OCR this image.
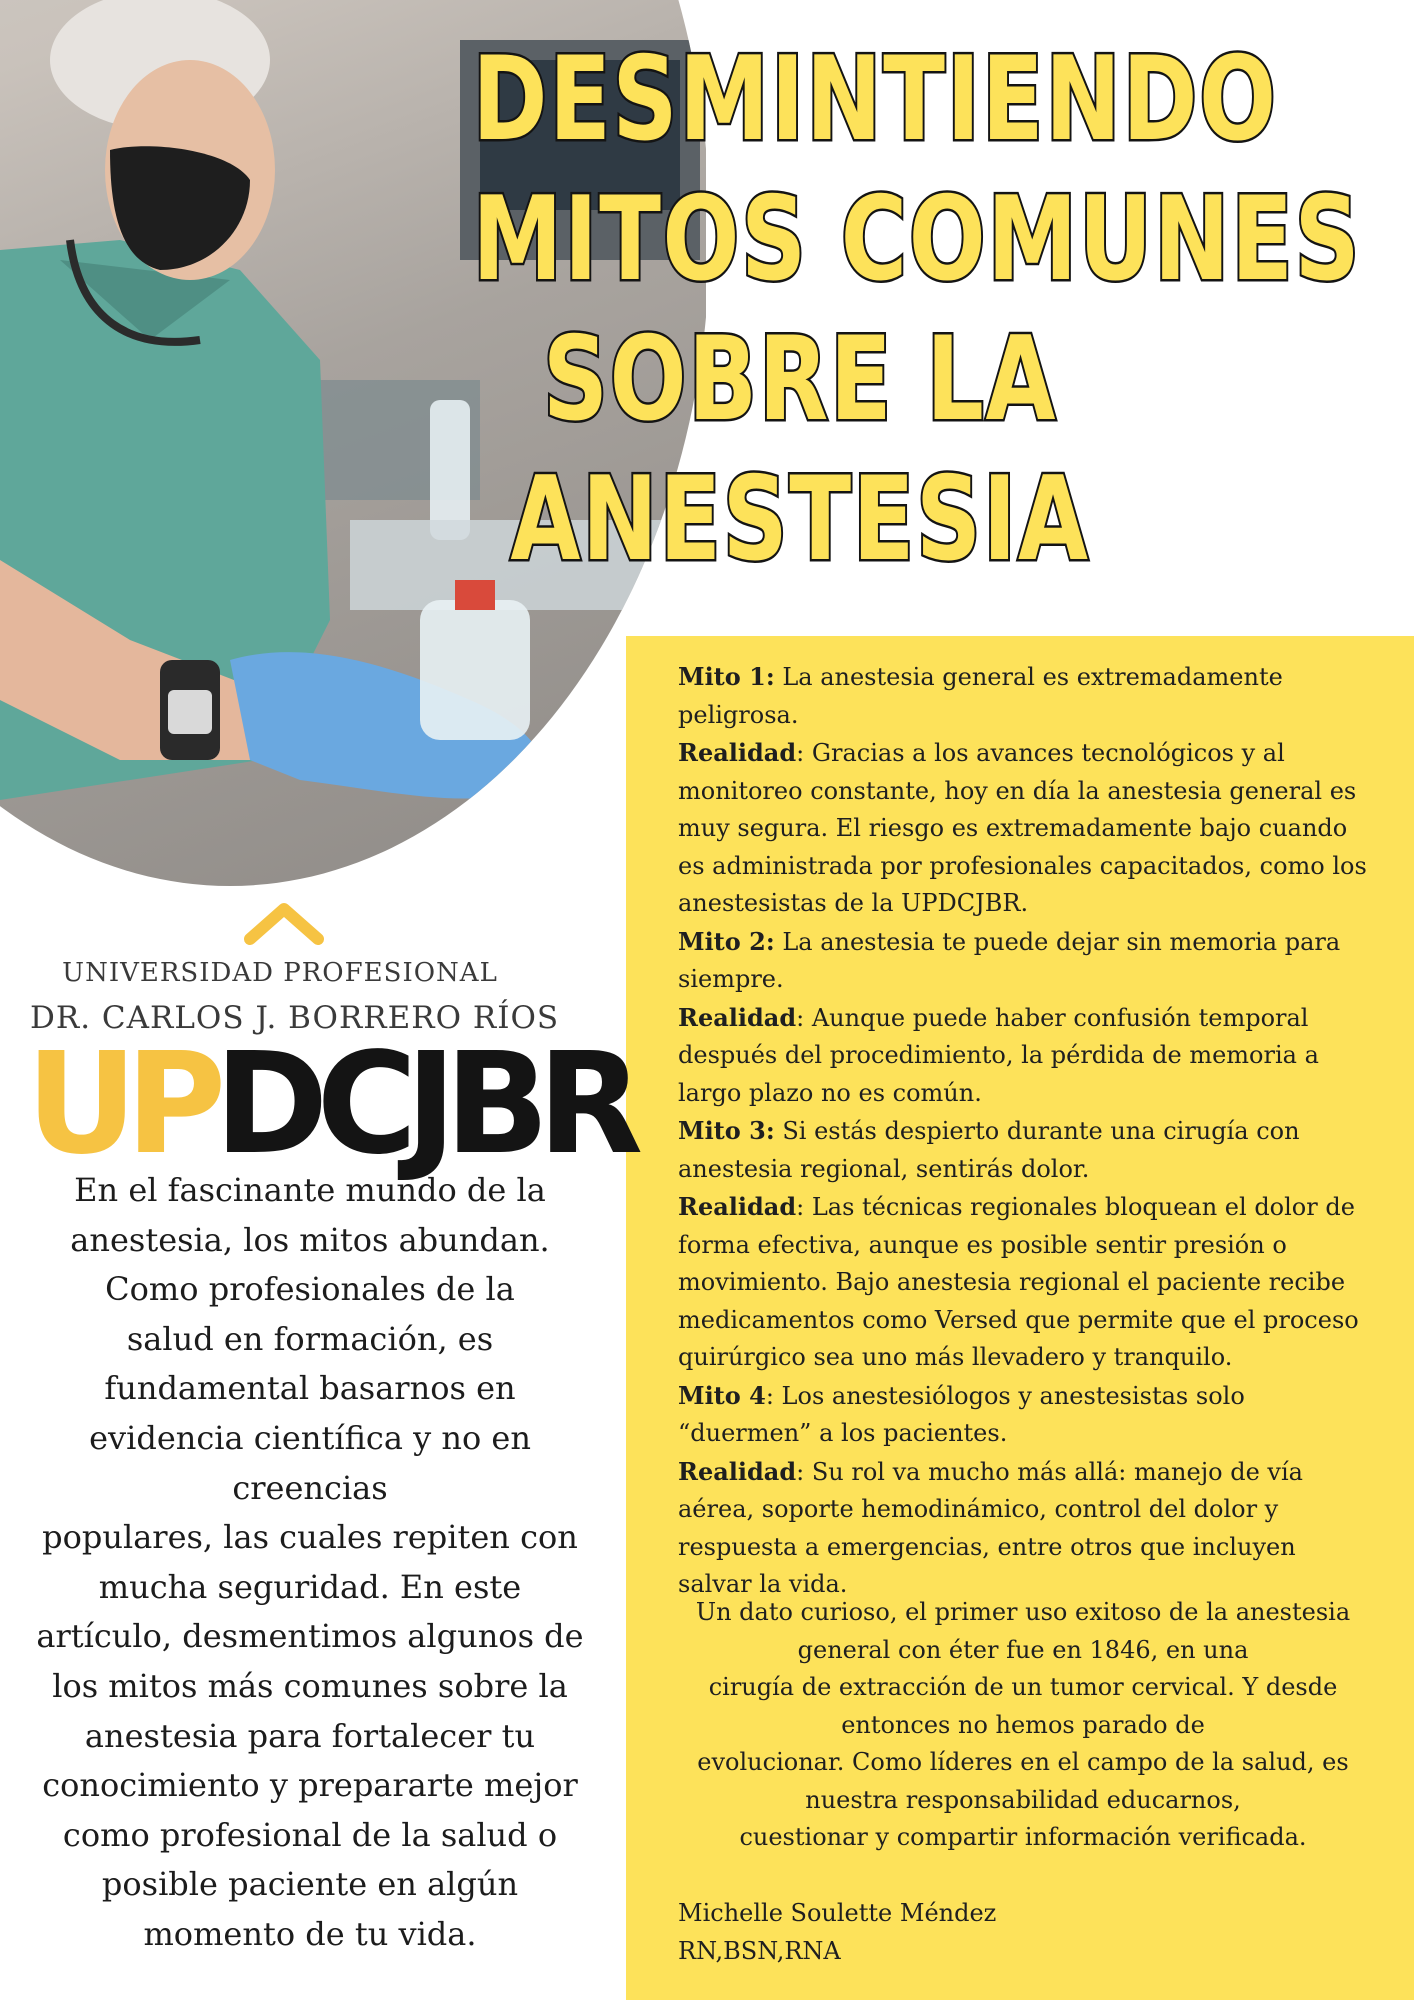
DESMINTIENDO
MITOS COMUNES
SOBRE LA
ANESTESIA

Mito 1: La anestesia general es extremadamente peligrosa.

Realidad: Gracias a los avances tecnológicos y al monitoreo constante, hoy en día la anestesia general es muy segura. El riesgo es extremadamente bajo cuando es administrada por profesionales capacitados, como los anestesistas de la UPDCJBR.

Mito 2: La anestesia te puede dejar sin memoria para siempre.

Realidad: Aunque puede haber confusión temporal después del procedimiento, la pérdida de memoria a largo plazo no es común.

Mito 3: Si estás despierto durante una cirugía con anestesia regional, sentirás dolor.

Realidad: Las técnicas regionales bloquean el dolor de forma efectiva, aunque es posible sentir presión o movimiento. Bajo anestesia regional el paciente recibe medicamentos como Versed que permite que el proceso quirúrgico sea uno más llevadero y tranquilo.

Mito 4: Los anestesiólogos y anestesistas solo “duermen” a los pacientes.

Realidad: Su rol va mucho más allá: manejo de vía aérea, soporte hemodinámico, control del dolor y respuesta a emergencias, entre otros que incluyen salvar la vida.

Un dato curioso, el primer uso exitoso de la anestesia

general con éter fue en 1846, en una

cirugía de extracción de un tumor cervical. Y desde

entonces no hemos parado de

evolucionar. Como líderes en el campo de la salud, es

nuestra responsabilidad educarnos,

cuestionar y compartir información verificada.

Michelle Soulette Méndez
RN,BSN,RNA
UNIVERSIDAD PROFESIONAL
DR. CARLOS J. BORRERO RÍOS
UPDCJBR

En el fascinante mundo de la

anestesia, los mitos abundan.

Como profesionales de la

salud en formación, es

fundamental basarnos en

evidencia científica y no en

creencias

populares, las cuales repiten con

mucha seguridad. En este

artículo, desmentimos algunos de

los mitos más comunes sobre la

anestesia para fortalecer tu

conocimiento y prepararte mejor

como profesional de la salud o

posible paciente en algún

momento de tu vida.
